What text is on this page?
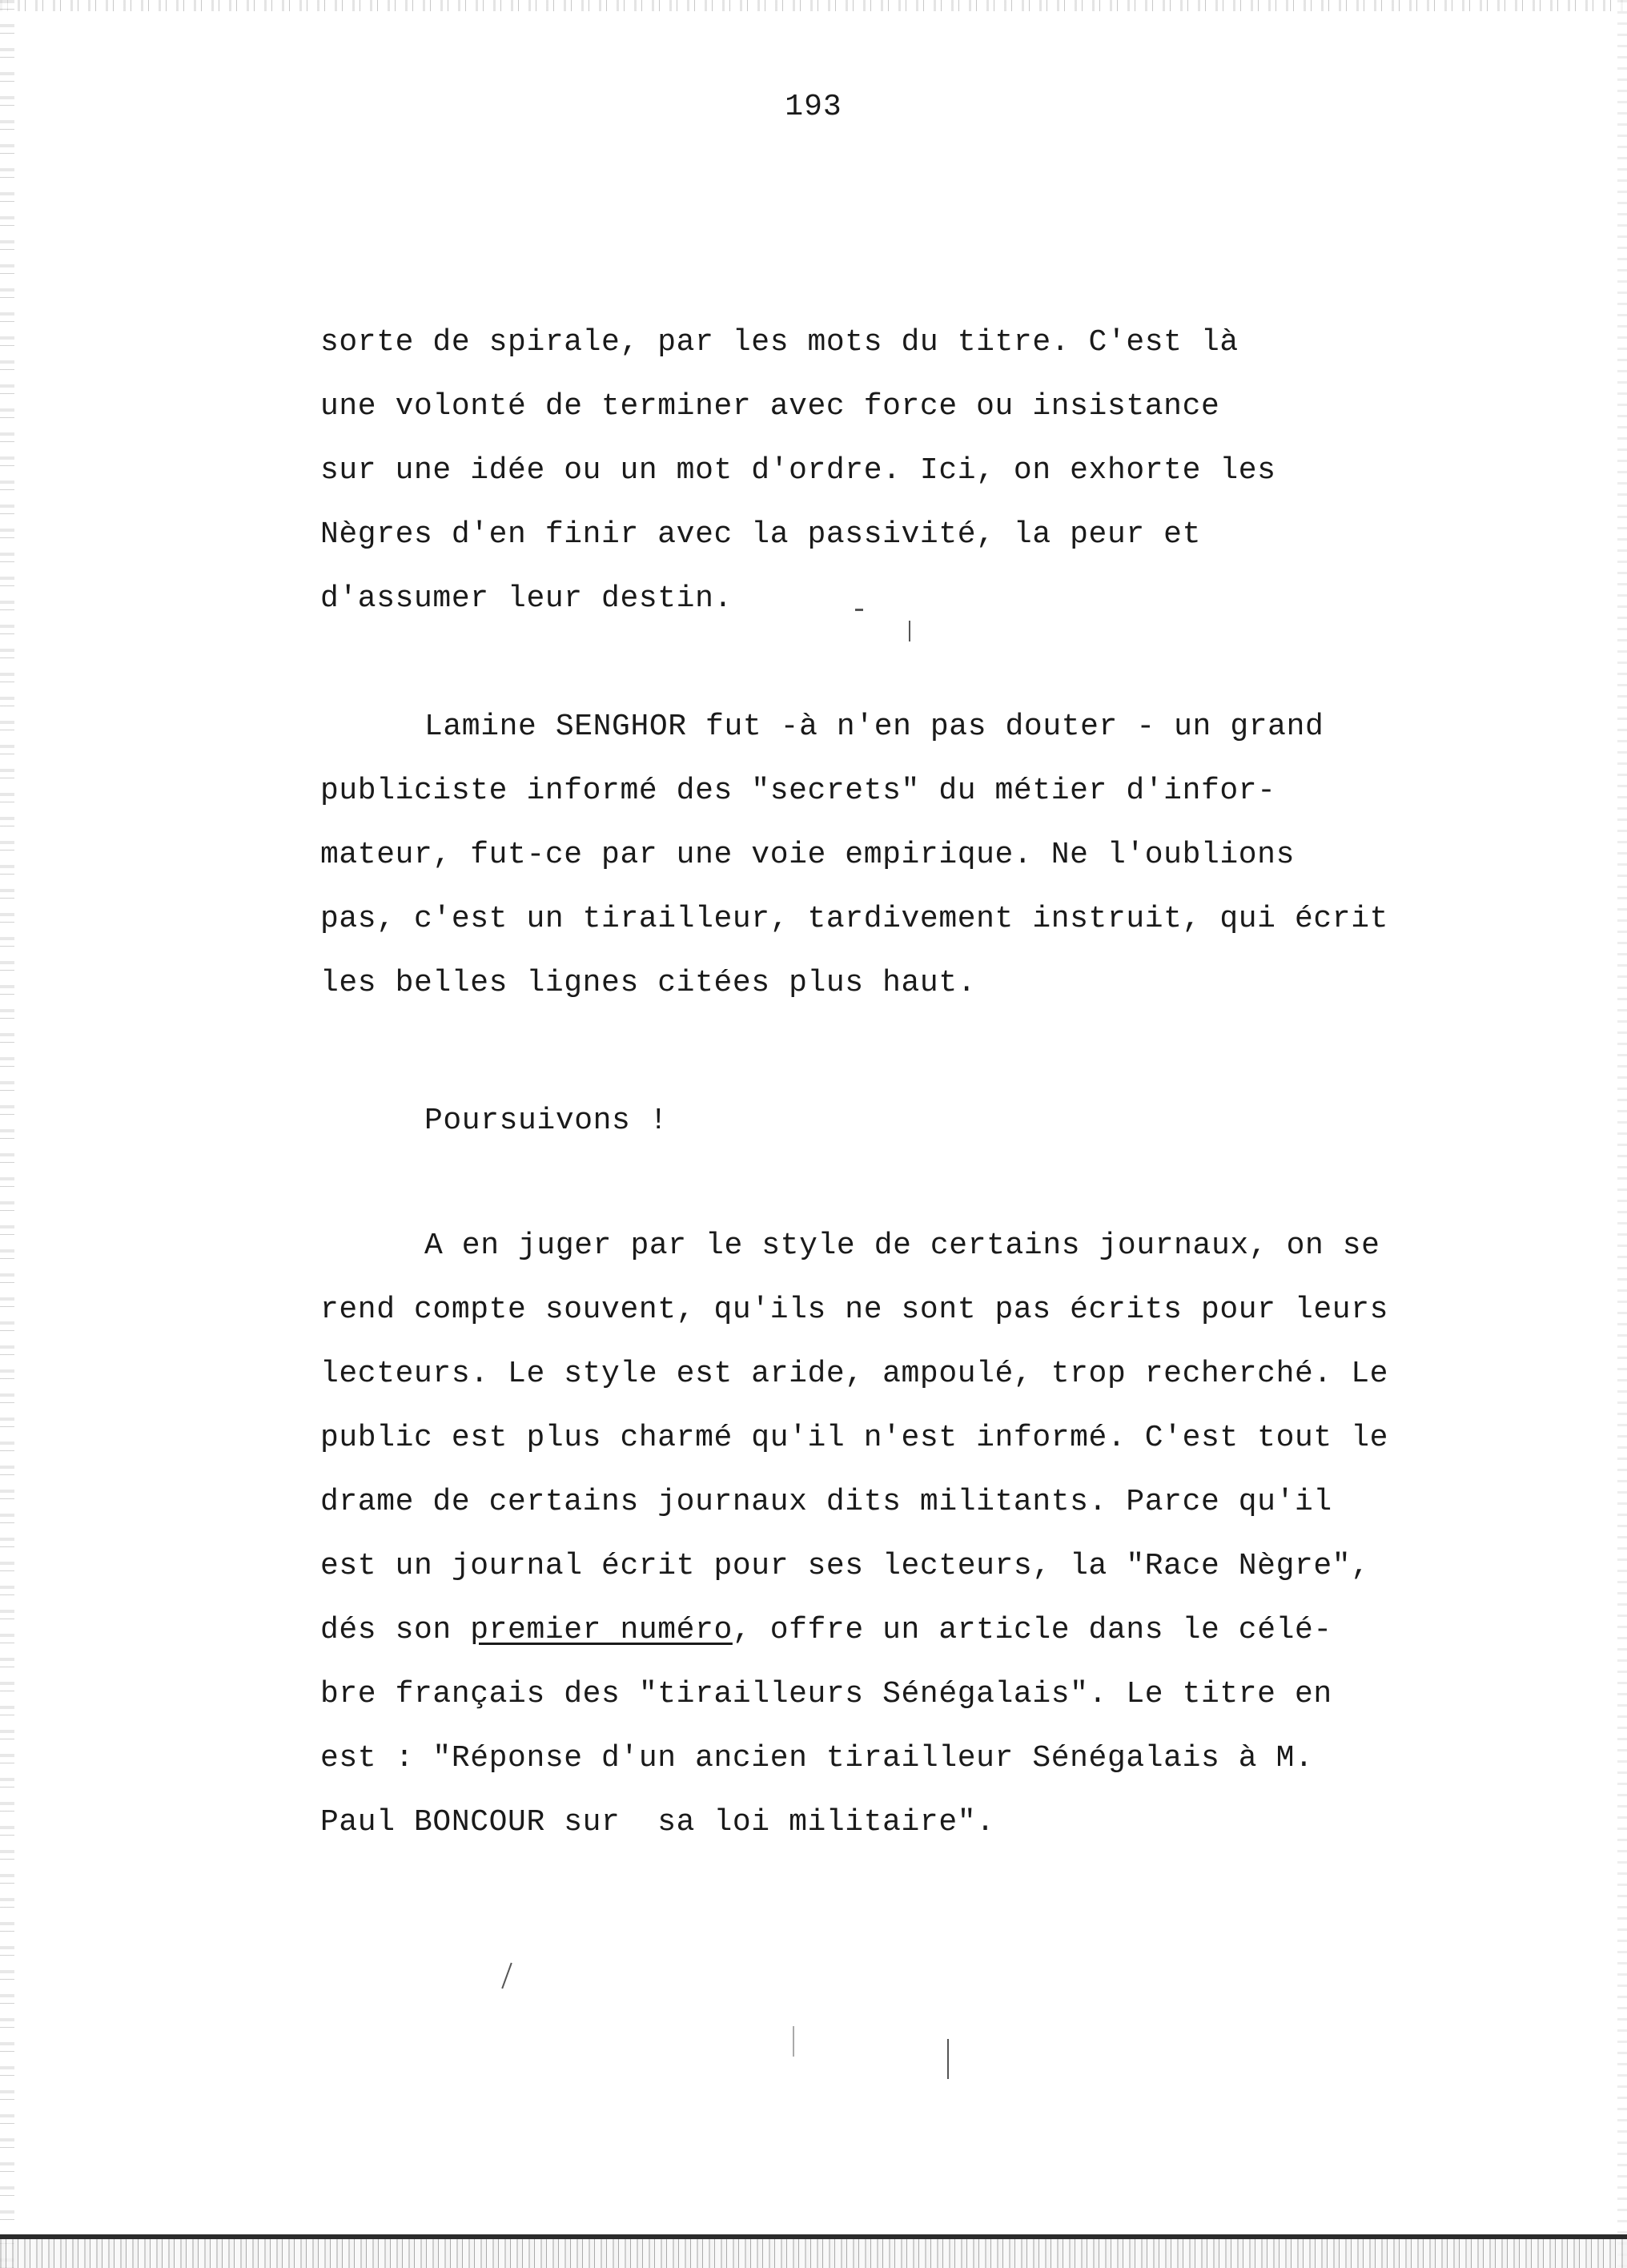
193
sorte de spirale, par les mots du titre. C'est là
une volonté de terminer avec force ou insistance
sur une idée ou un mot d'ordre. Ici, on exhorte les
Nègres d'en finir avec la passivité, la peur et
d'assumer leur destin.
Lamine SENGHOR fut -à n'en pas douter - un grand
publiciste informé des "secrets" du métier d'infor-
mateur, fut-ce par une voie empirique. Ne l'oublions
pas, c'est un tirailleur, tardivement instruit, qui écrit
les belles lignes citées plus haut.
Poursuivons !
A en juger par le style de certains journaux, on se
rend compte souvent, qu'ils ne sont pas écrits pour leurs
lecteurs. Le style est aride, ampoulé, trop recherché. Le
public est plus charmé qu'il n'est informé. C'est tout le
drame de certains journaux dits militants. Parce qu'il
est un journal écrit pour ses lecteurs, la "Race Nègre",
dés son premier numéro, offre un article dans le célé-
bre français des "tirailleurs Sénégalais". Le titre en
est : "Réponse d'un ancien tirailleur Sénégalais à M.
Paul BONCOUR sur  sa loi militaire".
